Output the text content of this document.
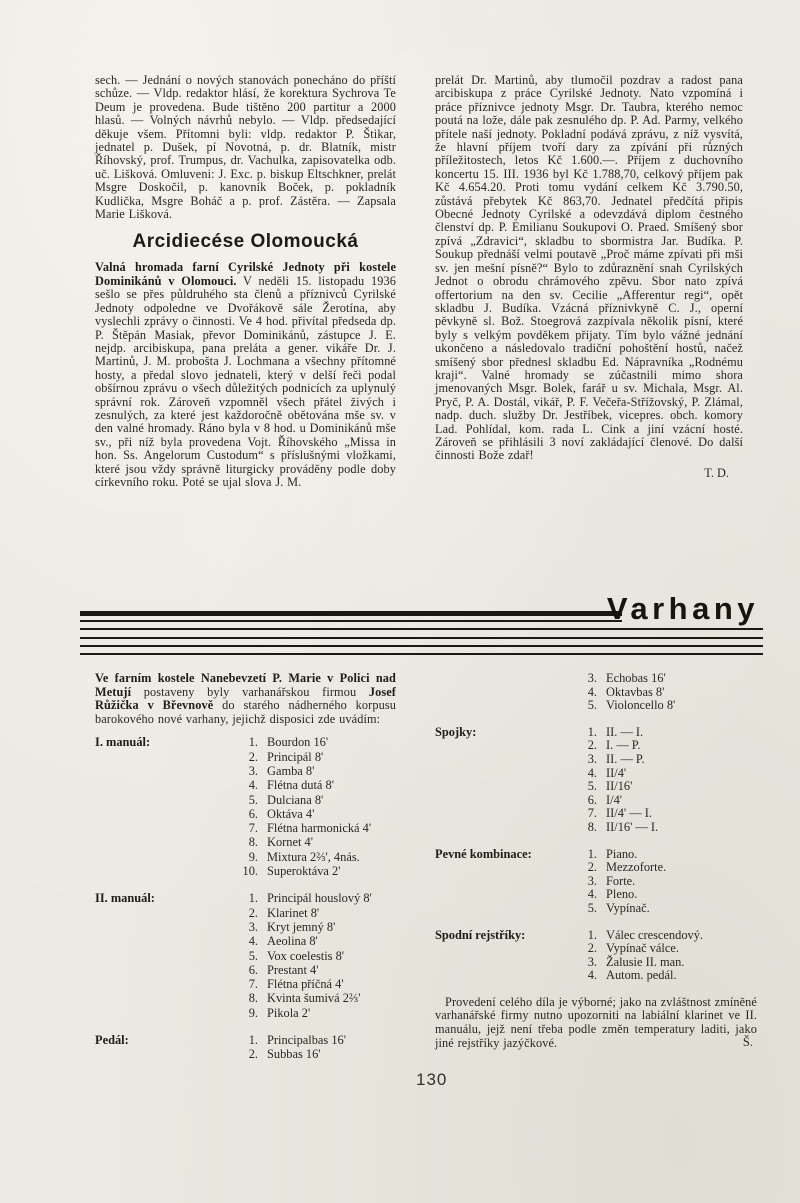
sech. — Jednání o nových stanovách ponecháno do příští schůze. — Vldp. redaktor hlásí, že korektura Sychrova Te Deum je provedena. Bude tištěno 200 partitur a 2000 hlasů. — Volných návrhů nebylo. — Vldp. předsedající děkuje všem. Přítomni byli: vldp. redaktor P. Štikar, jednatel p. Dušek, pí Novotná, p. dr. Blatník, mistr Říhovský, prof. Trumpus, dr. Vachulka, zapisovatelka odb. uč. Lišková. Omluveni: J. Exc. p. biskup Eltschkner, prelát Msgre Doskočil, p. kanovník Boček, p. pokladník Kudlička, Msgre Boháč a p. prof. Zástěra. — Zapsala Marie Lišková.

Arcidiecése Olomoucká

Valná hromada farní Cyrilské Jednoty při kostele Dominikánů v Olomouci. V neděli 15. listopadu 1936 sešlo se přes půldruhého sta členů a příznivců Cyrilské Jednoty odpoledne ve Dvořákově sále Žerotína, aby vyslechli zprávy o činnosti. Ve 4 hod. přivítal předseda dp. P. Štěpán Masiak, převor Dominikánů, zástupce J. E. nejdp. arcibiskupa, pana preláta a gener. vikáře Dr. J. Martinů, J. M. probošta J. Lochmana a všechny přítomné hosty, a předal slovo jednateli, který v delší řeči podal obšírnou zprávu o všech důležitých podnicích za uplynulý správní rok. Zároveň vzpomněl všech přátel živých i zesnulých, za které jest každoročně obětována mše sv. v den valné hromady. Ráno byla v 8 hod. u Dominikánů mše sv., při níž byla provedena Vojt. Říhovského „Missa in hon. Ss. Angelorum Custodum“ s příslušnými vložkami, které jsou vždy správně liturgicky prováděny podle doby církevního roku. Poté se ujal slova J. M.

prelát Dr. Martinů, aby tlumočil pozdrav a radost pana arcibiskupa z práce Cyrilské Jednoty. Nato vzpomíná i práce příznivce jednoty Msgr. Dr. Taubra, kterého nemoc poutá na lože, dále pak zesnulého dp. P. Ad. Parmy, velkého přítele naší jednoty. Pokladní podává zprávu, z níž vysvítá, že hlavní příjem tvoří dary za zpívání při různých příležitostech, letos Kč 1.600.—. Příjem z duchovního koncertu 15. III. 1936 byl Kč 1.788,70, celkový příjem pak Kč 4.654.20. Proti tomu vydání celkem Kč 3.790.50, zůstává přebytek Kč 863,70. Jednatel předčítá připis Obecné Jednoty Cyrilské a odevzdává diplom čestného členství dp. P. Emilianu Soukupovi O. Praed. Smíšený sbor zpívá „Zdravici“, skladbu to sbormistra Jar. Budíka. P. Soukup přednáší velmi poutavě „Proč máme zpívati při mši sv. jen mešní písně?“ Bylo to zdůraznění snah Cyrilských Jednot o obrodu chrámového zpěvu. Sbor nato zpívá offertorium na den sv. Cecilie „Afferentur regi“, opět skladbu J. Budíka. Vzácná příznivkyně C. J., operní pěvkyně sl. Bož. Stoegrová zazpívala několik písní, které byly s velkým povděkem přijaty. Tím bylo vážné jednání ukončeno a následovalo tradiční pohoštění hostů, načež smíšený sbor přednesl skladbu Ed. Nápravníka „Rodnému kraji“. Valné hromady se zúčastnili mimo shora jmenovaných Msgr. Bolek, farář u sv. Michala, Msgr. Al. Pryč, P. A. Dostál, vikář, P. F. Večeřa-Střížovský, P. Zlámal, nadp. duch. služby Dr. Jestříbek, vicepres. obch. komory Lad. Pohlídal, kom. rada L. Cink a jiní vzácní hosté. Zároveň se přihlásili 3 noví zakládající členové. Do další činnosti Bože zdař!

T. D.

Varhany

Ve farním kostele Nanebevzetí P. Marie v Polici nad Metují postaveny byly varhanářskou firmou Josef Růžička v Břevnově do starého nádherného korpusu barokového nové varhany, jejichž disposici zde uvádím:

I. manuál:	1. Bourdon 16'
2. Principál 8'
3. Gamba 8'
4. Flétna dutá 8'
5. Dulciana 8'
6. Oktáva 4'
7. Flétna harmonická 4'
8. Kornet 4'
9. Mixtura 2⅔', 4nás.
10. Superoktáva 2'
II. manuál:	1. Principál houslový 8'
2. Klarinet 8'
3. Kryt jemný 8'
4. Aeolina 8'
5. Vox coelestis 8'
6. Prestant 4'
7. Flétna příčná 4'
8. Kvinta šumivá 2⅔'
9. Pikola 2'
Pedál:	1. Principalbas 16'
2. Subbas 16'
3. Echobas 16'
4. Oktavbas 8'
5. Violoncello 8'
Spojky:	1. II. — I.
2. I. — P.
3. II. — P.
4. II/4'
5. II/16'
6. I/4'
7. II/4' — I.
8. II/16' — I.
Pevné kombinace:	1. Piano.
2. Mezzoforte.
3. Forte.
4. Pleno.
5. Vypínač.
Spodní rejstříky:	1. Válec crescendový.
2. Vypínač válce.
3. Žalusie II. man.
4. Autom. pedál.

Provedení celého díla je výborné; jako na zvláštnost zmíněné varhanářské firmy nutno upozorniti na labiální klarinet ve II. manuálu, jejž není třeba podle změn temperatury laditi, jako jiné rejstříky jazýčkové.	Š.
130
